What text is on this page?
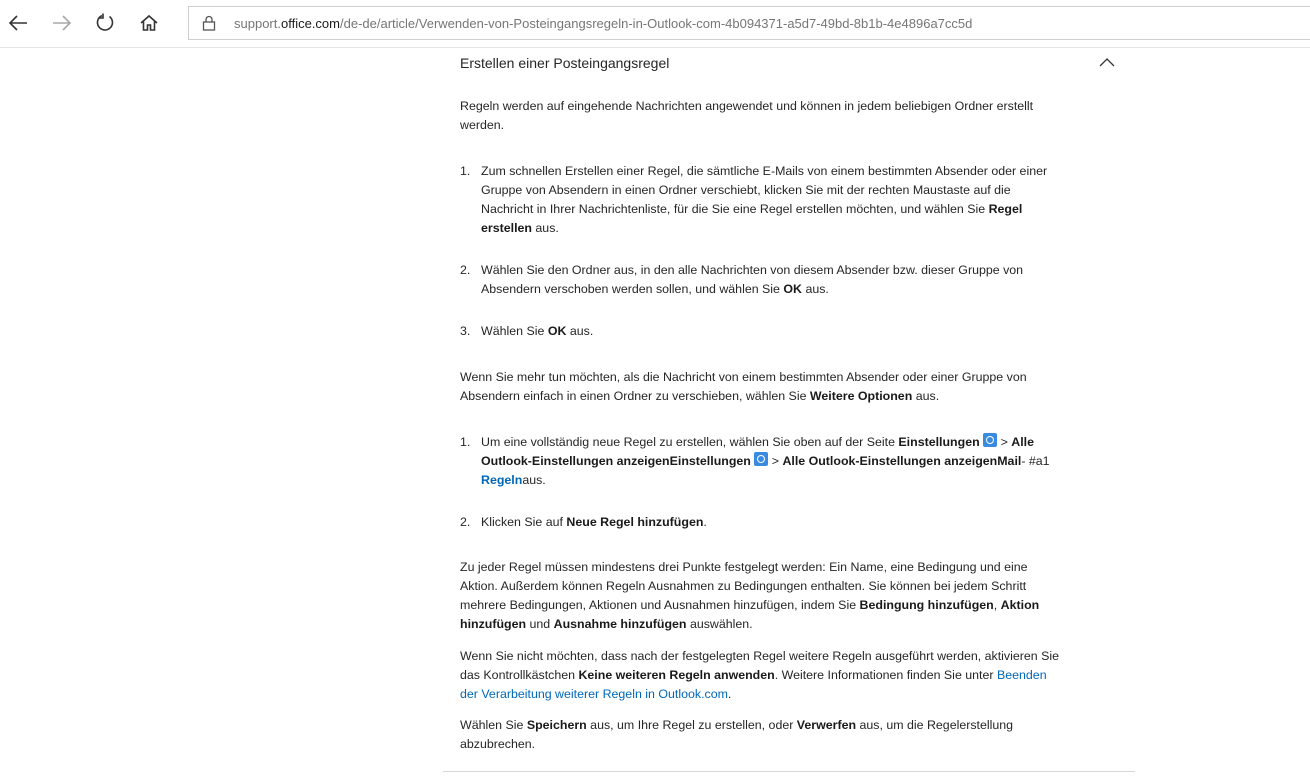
support.office.com/de-de/article/Verwenden-von-Posteingangsregeln-in-Outlook-com-4b094371-a5d7-49bd-8b1b-4e4896a7cc5d
Erstellen einer Posteingangsregel

Regeln werden auf eingehende Nachrichten angewendet und können in jedem beliebigen Ordner erstellt werden.

1. Zum schnellen Erstellen einer Regel, die sämtliche E-Mails von einem bestimmten Absender oder einer Gruppe von Absendern in einen Ordner verschiebt, klicken Sie mit der rechten Maustaste auf die Nachricht in Ihrer Nachrichtenliste, für die Sie eine Regel erstellen möchten, und wählen Sie Regel erstellen aus.
2. Wählen Sie den Ordner aus, in den alle Nachrichten von diesem Absender bzw. dieser Gruppe von Absendern verschoben werden sollen, und wählen Sie OK aus.
3. Wählen Sie OK aus.

Wenn Sie mehr tun möchten, als die Nachricht von einem bestimmten Absender oder einer Gruppe von Absendern einfach in einen Ordner zu verschieben, wählen Sie Weitere Optionen aus.

1. Um eine vollständig neue Regel zu erstellen, wählen Sie oben auf der Seite Einstellungen  > Alle Outlook-Einstellungen anzeigenEinstellungen  > Alle Outlook-Einstellungen anzeigenMail- #a1 Regelnaus.
2. Klicken Sie auf Neue Regel hinzufügen.

Zu jeder Regel müssen mindestens drei Punkte festgelegt werden: Ein Name, eine Bedingung und eine Aktion. Außerdem können Regeln Ausnahmen zu Bedingungen enthalten. Sie können bei jedem Schritt mehrere Bedingungen, Aktionen und Ausnahmen hinzufügen, indem Sie Bedingung hinzufügen, Aktion hinzufügen und Ausnahme hinzufügen auswählen.

Wenn Sie nicht möchten, dass nach der festgelegten Regel weitere Regeln ausgeführt werden, aktivieren Sie das Kontrollkästchen Keine weiteren Regeln anwenden. Weitere Informationen finden Sie unter Beenden der Verarbeitung weiterer Regeln in Outlook.com.

Wählen Sie Speichern aus, um Ihre Regel zu erstellen, oder Verwerfen aus, um die Regelerstellung abzubrechen.
